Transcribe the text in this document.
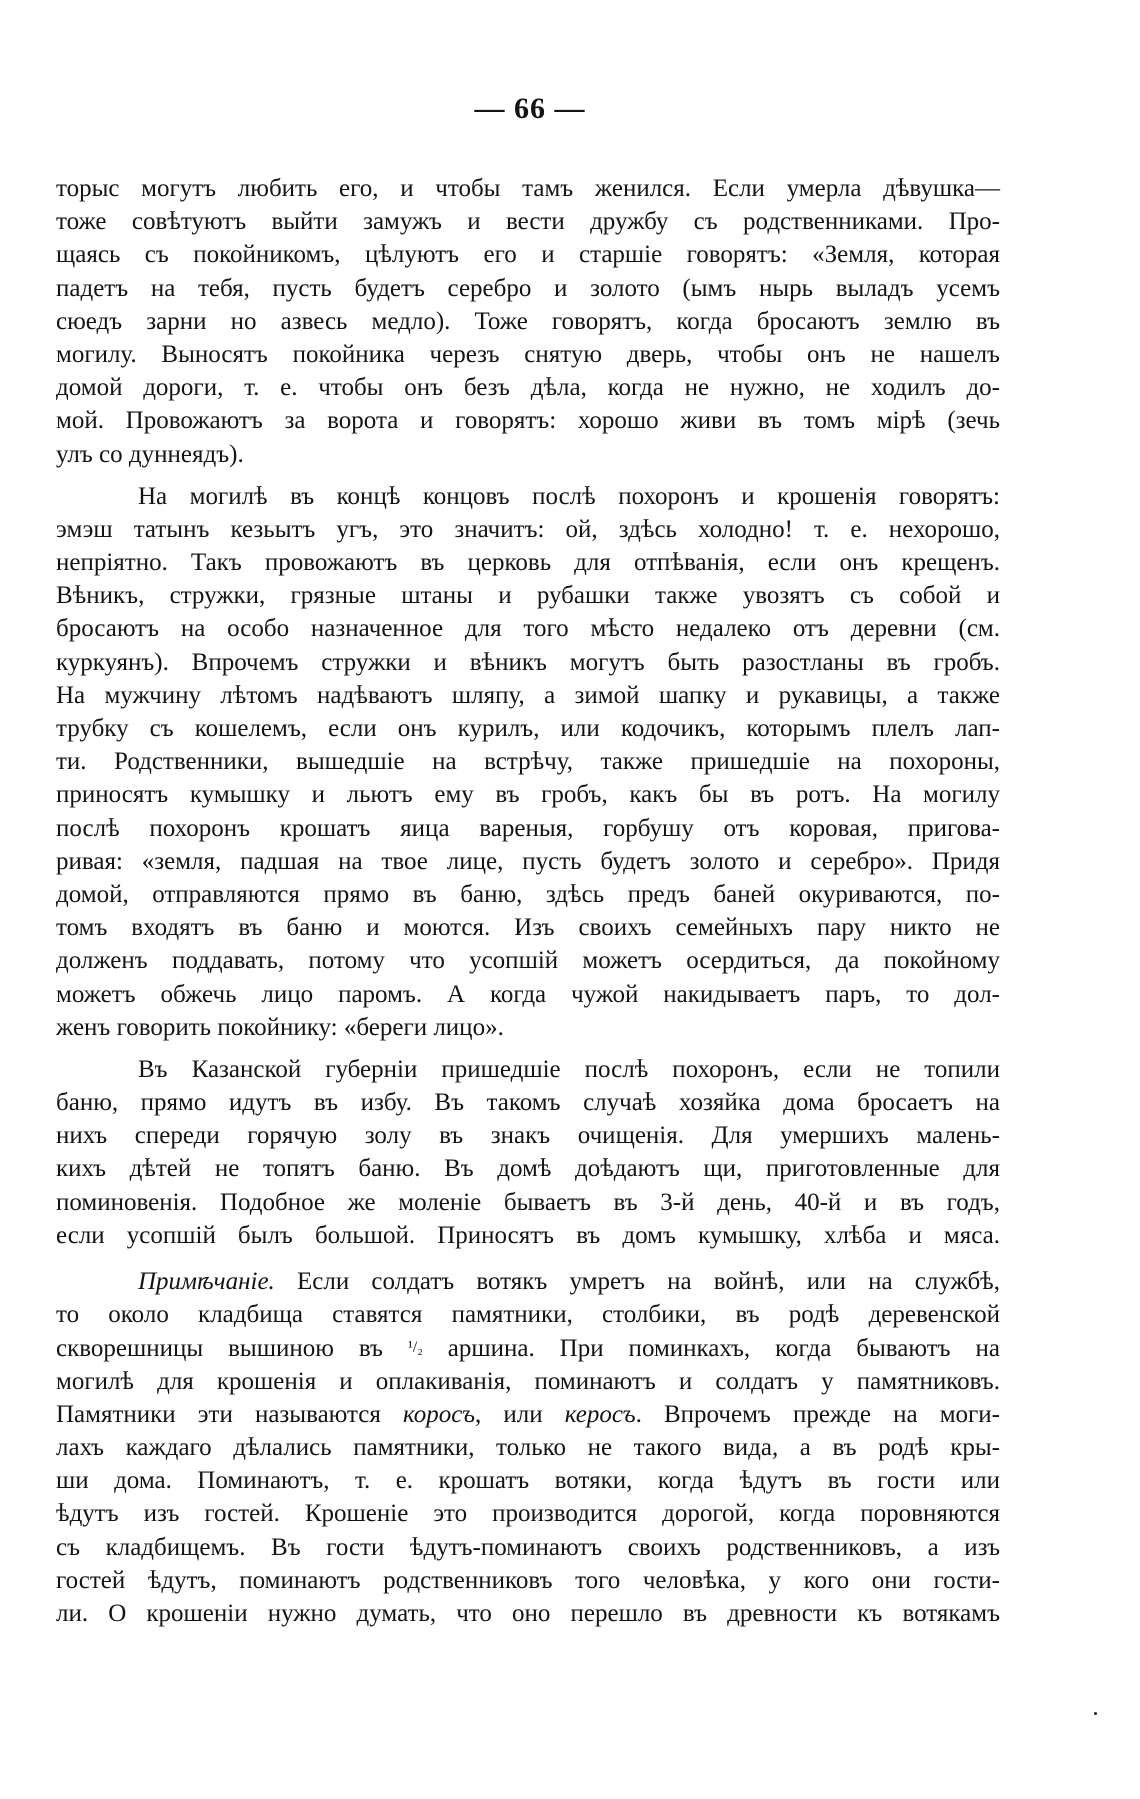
— 66 —
торыс могутъ любить его, и чтобы тамъ женился. Если умерла дѣвушка—
тоже совѣтуютъ выйти замужъ и вести дружбу съ родственниками. Про-
щаясь съ покойникомъ, цѣлуютъ его и старшіе говорятъ: «Земля, которая
падетъ на тебя, пусть будетъ серебро и золото (ымъ нырь выладъ усемъ
сюедъ зарни но азвесь медло). Тоже говорятъ, когда бросаютъ землю въ
могилу. Выносятъ покойника черезъ снятую дверь, чтобы онъ не нашелъ
домой дороги, т. е. чтобы онъ безъ дѣла, когда не нужно, не ходилъ до-
мой. Провожаютъ за ворота и говорятъ: хорошо живи въ томъ мірѣ (зечь
улъ со дуннеядъ).
На могилѣ въ концѣ концовъ послѣ похоронъ и крошенія говорятъ:
эмэш татынъ кезьытъ угъ, это значитъ: ой, здѣсь холодно! т. е. нехорошо,
непріятно. Такъ провожаютъ въ церковь для отпѣванія, если онъ крещенъ.
Вѣникъ, стружки, грязные штаны и рубашки также увозятъ съ собой и
бросаютъ на особо назначенное для того мѣсто недалеко отъ деревни (см.
куркуянъ). Впрочемъ стружки и вѣникъ могутъ быть разостланы въ гробъ.
На мужчину лѣтомъ надѣваютъ шляпу, а зимой шапку и рукавицы, а также
трубку съ кошелемъ, если онъ курилъ, или кодочикъ, которымъ плелъ лап-
ти. Родственники, вышедшіе на встрѣчу, также пришедшіе на похороны,
приносятъ кумышку и льютъ ему въ гробъ, какъ бы въ ротъ. На могилу
послѣ похоронъ крошатъ яица вареныя, горбушу отъ коровая, пригова-
ривая: «земля, падшая на твое лице, пусть будетъ золото и серебро». Придя
домой, отправляются прямо въ баню, здѣсь предъ баней окуриваются, по-
томъ входятъ въ баню и моются. Изъ своихъ семейныхъ пару никто не
долженъ поддавать, потому что усопшій можетъ осердиться, да покойному
можетъ обжечь лицо паромъ. А когда чужой накидываетъ паръ, то дол-
женъ говорить покойнику: «береги лицо».
Въ Казанской губерніи пришедшіе послѣ похоронъ, если не топили
баню, прямо идутъ въ избу. Въ такомъ случаѣ хозяйка дома бросаетъ на
нихъ спереди горячую золу въ знакъ очищенія. Для умершихъ малень-
кихъ дѣтей не топятъ баню. Въ домѣ доѣдаютъ щи, приготовленные для
поминовенія. Подобное же моленіе бываетъ въ 3-й день, 40-й и въ годъ,
если усопшій былъ большой. Приносятъ въ домъ кумышку, хлѣба и мяса.
Примѣчаніе. Если солдатъ вотякъ умретъ на войнѣ, или на службѣ,
то около кладбища ставятся памятники, столбики, въ родѣ деревенской
скворешницы вышиною въ ¹/₂ аршина. При поминкахъ, когда бываютъ на
могилѣ для крошенія и оплакиванія, поминаютъ и солдатъ у памятниковъ.
Памятники эти называются коросъ, или керосъ. Впрочемъ прежде на моги-
лахъ каждаго дѣлались памятники, только не такого вида, а въ родѣ кры-
ши дома. Поминаютъ, т. е. крошатъ вотяки, когда ѣдутъ въ гости или
ѣдутъ изъ гостей. Крошеніе это производится дорогой, когда поровняются
съ кладбищемъ. Въ гости ѣдутъ-поминаютъ своихъ родственниковъ, а изъ
гостей ѣдутъ, поминаютъ родственниковъ того человѣка, у кого они гости-
ли. О крошеніи нужно думать, что оно перешло въ древности къ вотякамъ
